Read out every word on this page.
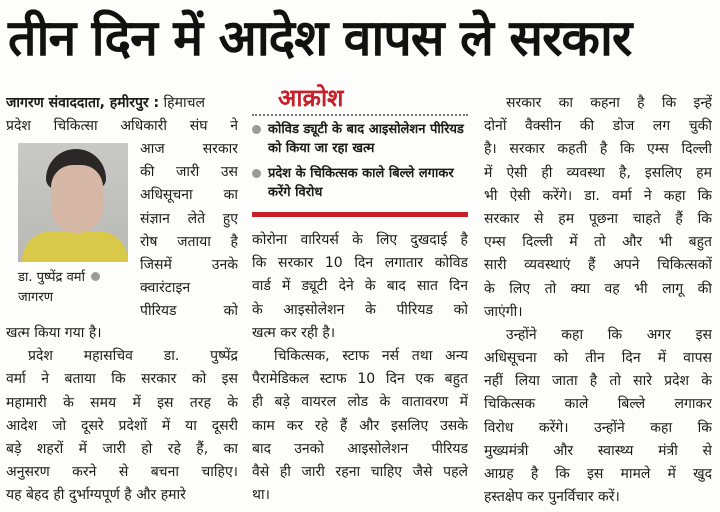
तीन दिन में आदेश वापस ले सरकार
जागरण संवाददाता, हमीरपुर : हिमाचल
प्रदेश चिकित्सा अधिकारी संघ ने
आज सरकार
की जारी उस
अधिसूचना का
संज्ञान लेते हुए
रोष जताया है
जिसमें उनके
क्वारंटाइन
पीरियड को
डा. पुष्पेंद्र वर्मा
जागरण
खत्म किया गया है।
प्रदेश महासचिव डा. पुष्पेंद्र
वर्मा ने बताया कि सरकार को इस
महामारी के समय में इस तरह के
आदेश जो दूसरे प्रदेशों में या दूसरी
बड़े शहरों में जारी हो रहे हैं, का
अनुसरण करने से बचना चाहिए।
यह बेहद ही दुर्भाग्यपूर्ण है और हमारे
आक्रोश
कोविड ड्यूटी के बाद आइसोलेशन पीरियड को किया जा रहा खत्म
प्रदेश के चिकित्सक काले बिल्ले लगाकर करेंगे विरोध
कोरोना वारियर्स के लिए दुखदाई है
कि सरकार 10 दिन लगातार कोविड
वार्ड में ड्यूटी देने के बाद सात दिन
के आइसोलेशन के पीरियड को
खत्म कर रही है।
चिकित्सक, स्टाफ नर्स तथा अन्य
पैरामेडिकल स्टाफ 10 दिन एक बहुत
ही बड़े वायरल लोड के वातावरण में
काम कर रहे हैं और इसलिए उसके
बाद उनको आइसोलेशन पीरियड
वैसे ही जारी रहना चाहिए जैसे पहले
था।
सरकार का कहना है कि इन्हें
दोनों वैक्सीन की डोज लग चुकी
है। सरकार कहती है कि एम्स दिल्ली
में ऐसी ही व्यवस्था है, इसलिए हम
भी ऐसी करेंगे। डा. वर्मा ने कहा कि
सरकार से हम पूछना चाहते हैं कि
एम्स दिल्ली में तो और भी बहुत
सारी व्यवस्थाएं हैं अपने चिकित्सकों
के लिए तो क्या वह भी लागू की
जाएंगी।
उन्होंने कहा कि अगर इस
अधिसूचना को तीन दिन में वापस
नहीं लिया जाता है तो सारे प्रदेश के
चिकित्सक काले बिल्ले लगाकर
विरोध करेंगे। उन्होंने कहा कि
मुख्यमंत्री और स्वास्थ्य मंत्री से
आग्रह है कि इस मामले में खुद
हस्तक्षेप कर पुनर्विचार करें।
